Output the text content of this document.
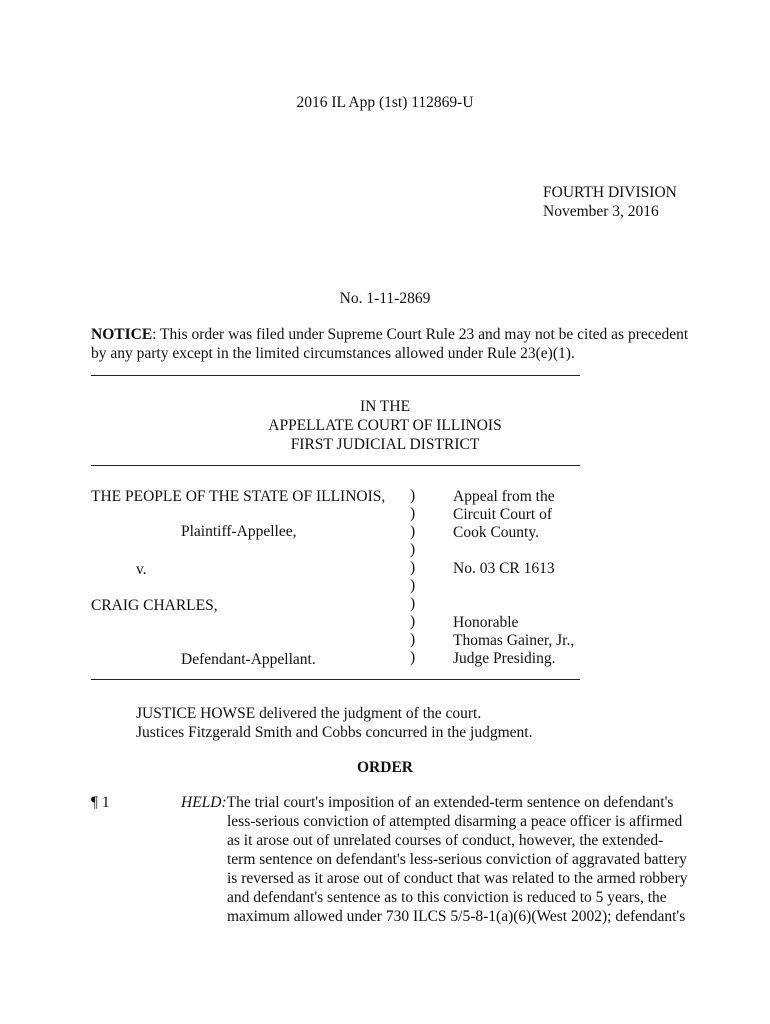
2016 IL App (1st) 112869-U
FOURTH DIVISION
November 3, 2016
No. 1-11-2869
NOTICE: This order was filed under Supreme Court Rule 23 and may not be cited as precedent
by any party except in the limited circumstances allowed under Rule 23(e)(1).
IN THE
APPELLATE COURT OF ILLINOIS
FIRST JUDICIAL DISTRICT
THE PEOPLE OF THE STATE OF ILLINOIS,
Plaintiff-Appellee,
v.
CRAIG CHARLES,
Defendant-Appellant.
)
)
)
)
)
)
)
)
)
)
Appeal from the
Circuit Court of
Cook County.
No. 03 CR 1613
Honorable
Thomas Gainer, Jr.,
Judge Presiding.
JUSTICE HOWSE delivered the judgment of the court.
Justices Fitzgerald Smith and Cobbs concurred in the judgment.
ORDER
¶ 1	HELD:The trial court's imposition of an extended-term sentence on defendant's
less-serious conviction of attempted disarming a peace officer is affirmed
as it arose out of unrelated courses of conduct, however, the extended-
term sentence on defendant's less-serious conviction of aggravated battery
is reversed as it arose out of conduct that was related to the armed robbery
and defendant's sentence as to this conviction is reduced to 5 years, the
maximum allowed under 730 ILCS 5/5-8-1(a)(6)(West 2002); defendant's
